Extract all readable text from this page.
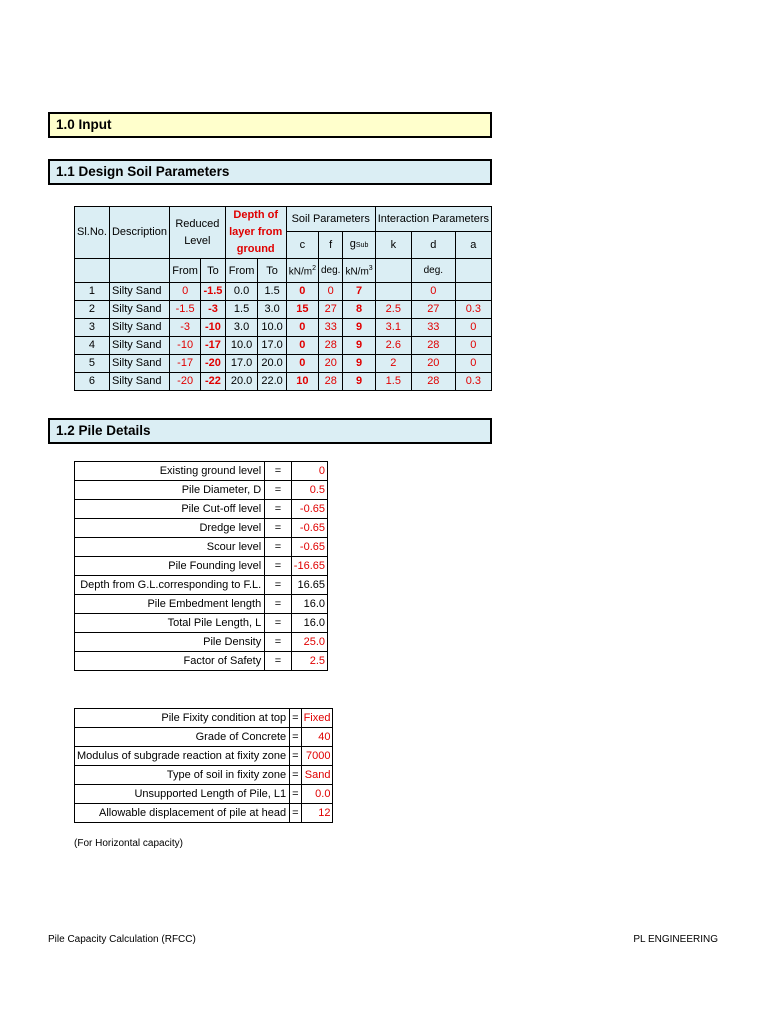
1.0 Input
1.1 Design Soil Parameters
Sl.No.	Description	Reduced Level		Depth of layer from ground		Soil Parameters			Interaction Parameters		
						c	f	gSub	k	d	a
		From	To	From	To	$kN/m^2$	deg.	$kN/m^3$		deg.	
1	Silty Sand	0	-1.5	0.0	1.5	0	0	7		0	
2	Silty Sand	-1.5	-3	1.5	3.0	15	27	8	2.5	27	0.3
3	Silty Sand	-3	-10	3.0	10.0	0	33	9	3.1	33	0
4	Silty Sand	-10	-17	10.0	17.0	0	28	9	2.6	28	0
5	Silty Sand	-17	-20	17.0	20.0	0	20	9	2	20	0
6	Silty Sand	-20	-22	20.0	22.0	10	28	9	1.5	28	0.3
1.2 Pile Details
Existing ground level	=	0

Pile Diameter, D	=	0.5

Pile Cut-off level	=	-0.65

Dredge level	=	-0.65

Scour level	=	-0.65

Pile Founding level	=	-16.65

Depth from G.L.corresponding to F.L.	=	16.65

Pile Embedment length	=	16.0

Total Pile Length, L	=	16.0

Pile Density	=	25.0

Factor of Safety	=	2.5
Pile Fixity condition at top	=	Fixed

Grade of Concrete	=	40

Modulus of subgrade reaction at fixity zone	=	7000

Type of soil in fixity zone	=	Sand

Unsupported Length of Pile, L1	=	0.0

Allowable displacement of pile at head	=	12
(For Horizontal capacity)
Pile Capacity Calculation (RFCC)	PL ENGINEERING
